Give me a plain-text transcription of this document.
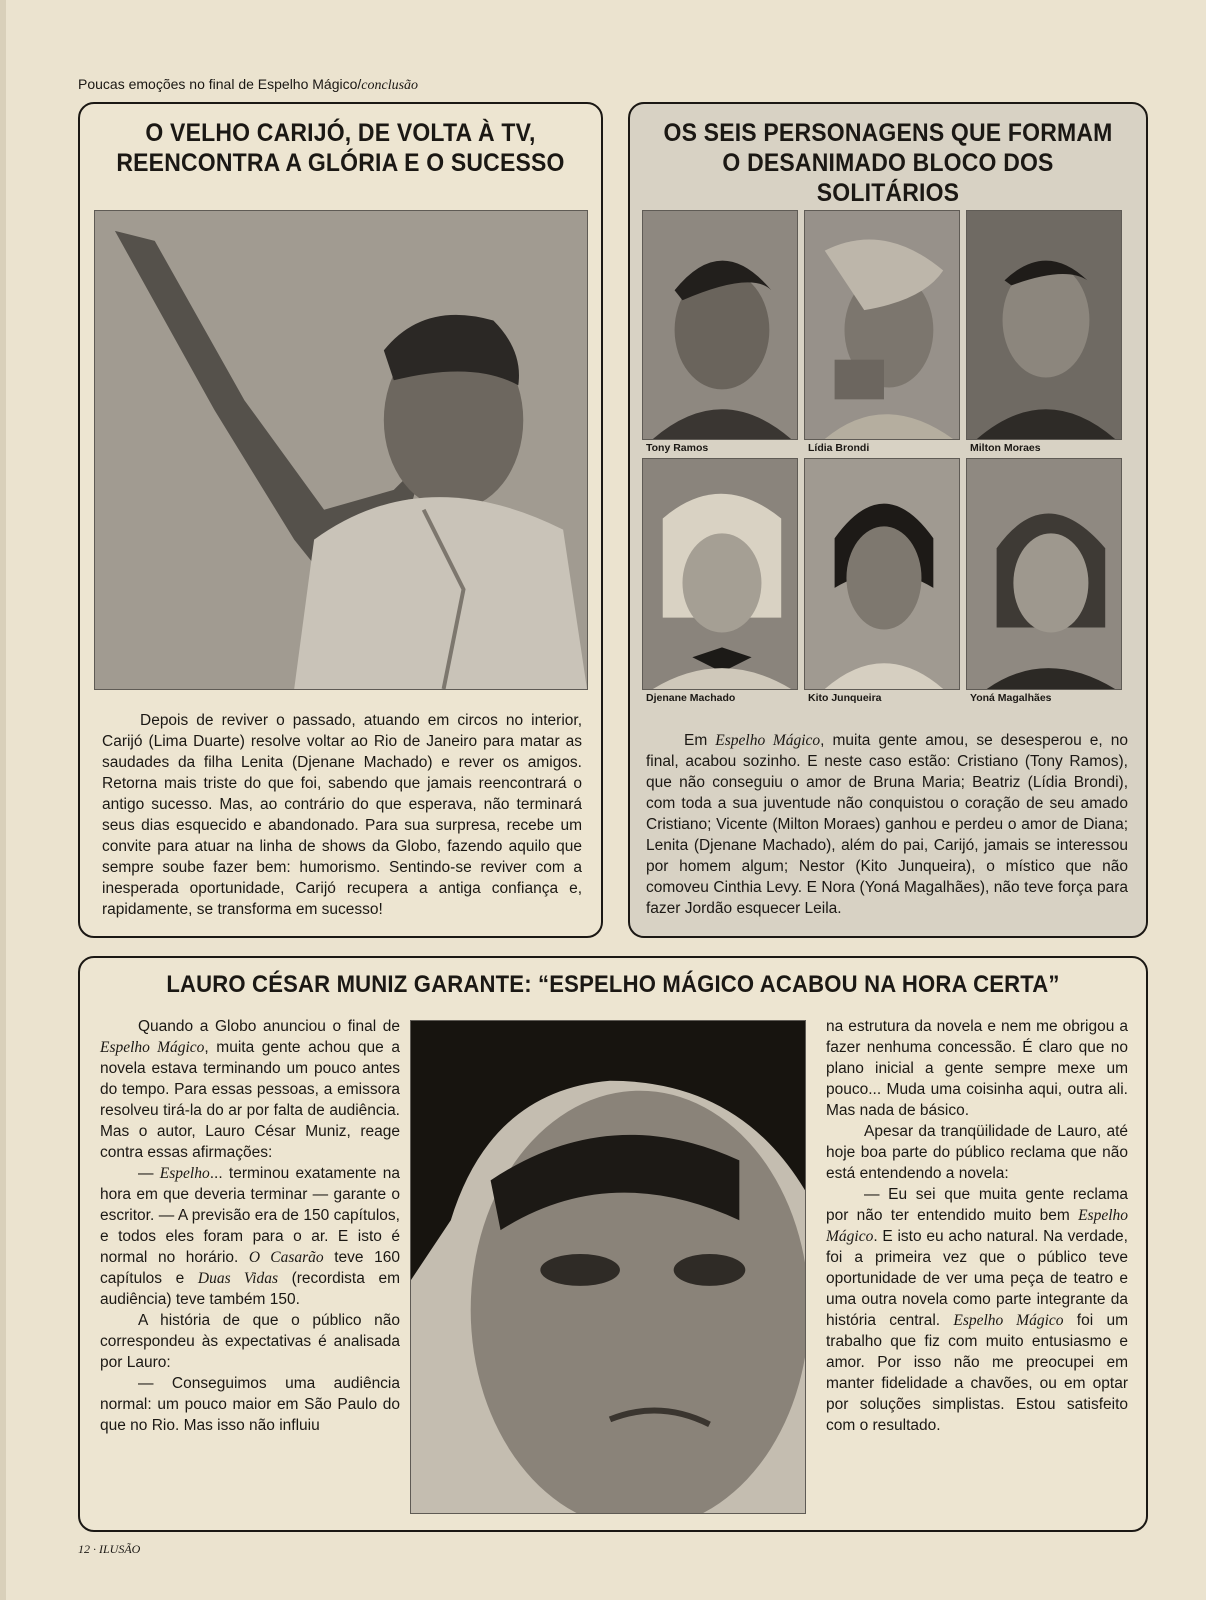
Poucas emoções no final de Espelho Mágico/conclusão
O VELHO CARIJÓ, DE VOLTA À TV,
REENCONTRA A GLÓRIA E O SUCESSO

Depois de reviver o passado, atuando em circos no interior, Carijó (Lima Duarte) resolve voltar ao Rio de Janeiro para matar as saudades da filha Lenita (Djenane Machado) e rever os amigos. Retorna mais triste do que foi, sabendo que jamais reencontrará o antigo sucesso. Mas, ao contrário do que esperava, não terminará seus dias esquecido e abandonado. Para sua surpresa, recebe um convite para atuar na linha de shows da Globo, fazendo aquilo que sempre soube fazer bem: humorismo. Sentindo-se reviver com a inesperada oportunidade, Carijó recupera a antiga confiança e, rapidamente, se transforma em sucesso!

OS SEIS PERSONAGENS QUE FORMAM
O DESANIMADO BLOCO DOS SOLITÁRIOS
Tony Ramos	Lídia Brondi	Milton Moraes
Djenane Machado	Kito Junqueira	Yoná Magalhães

Em Espelho Mágico, muita gente amou, se desesperou e, no final, acabou sozinho. E neste caso estão: Cristiano (Tony Ramos), que não conseguiu o amor de Bruna Maria; Beatriz (Lídia Brondi), com toda a sua juventude não conquistou o coração de seu amado Cristiano; Vicente (Milton Moraes) ganhou e perdeu o amor de Diana; Lenita (Djenane Machado), além do pai, Carijó, jamais se interessou por homem algum; Nestor (Kito Junqueira), o místico que não comoveu Cinthia Levy. E Nora (Yoná Magalhães), não teve força para fazer Jordão esquecer Leila.

LAURO CÉSAR MUNIZ GARANTE: “ESPELHO MÁGICO ACABOU NA HORA CERTA”

Quando a Globo anunciou o final de Espelho Mágico, muita gente achou que a novela estava terminando um pouco antes do tempo. Para essas pessoas, a emissora resolveu tirá-la do ar por falta de audiência. Mas o autor, Lauro César Muniz, reage contra essas afirmações:

— Espelho... terminou exatamente na hora em que deveria terminar — garante o escritor. — A previsão era de 150 capítulos, e todos eles foram para o ar. E isto é normal no horário. O Casarão teve 160 capítulos e Duas Vidas (recordista em audiência) teve também 150.

A história de que o público não correspondeu às expectativas é analisada por Lauro:

— Conseguimos uma audiência normal: um pouco maior em São Paulo do que no Rio. Mas isso não influiu

na estrutura da novela e nem me obrigou a fazer nenhuma concessão. É claro que no plano inicial a gente sempre mexe um pouco... Muda uma coisinha aqui, outra ali. Mas nada de básico.

Apesar da tranqüilidade de Lauro, até hoje boa parte do público reclama que não está entendendo a novela:

— Eu sei que muita gente reclama por não ter entendido muito bem Espelho Mágico. E isto eu acho natural. Na verdade, foi a primeira vez que o público teve oportunidade de ver uma peça de teatro e uma outra novela como parte integrante da história central. Espelho Mágico foi um trabalho que fiz com muito entusiasmo e amor. Por isso não me preocupei em manter fidelidade a chavões, ou em optar por soluções simplistas. Estou satisfeito com o resultado.

12 · ILUSÃO
